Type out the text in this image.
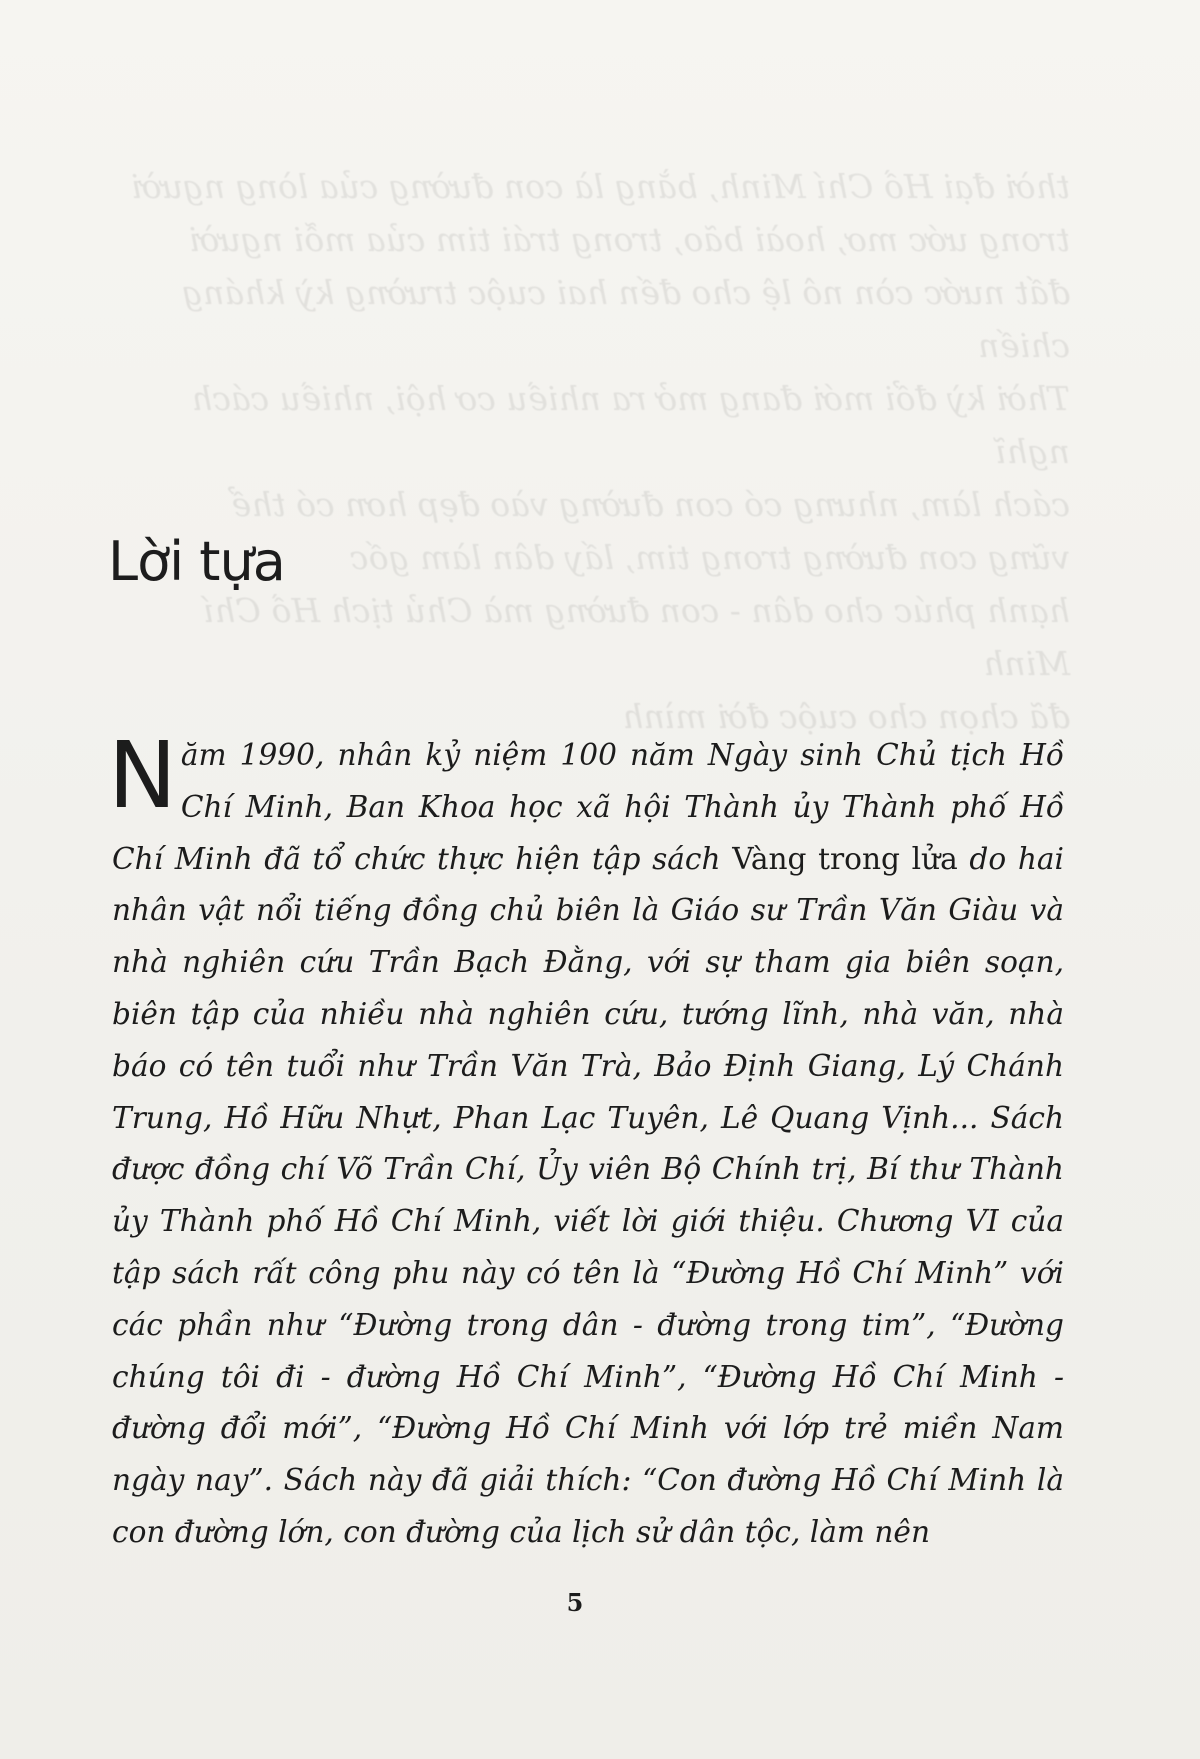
thời đại Hồ Chí Minh, bằng là con đường của lòng người
trong ước mơ, hoài bão, trong trái tim của mỗi người
đất nước còn nô lệ cho đến hai cuộc trường kỳ kháng chiến
Thời kỳ đổi mới đang mở ra nhiều cơ hội, nhiều cách nghĩ
cách làm, nhưng có con đường vào đẹp hơn có thể
vững con đường trong tim, lấy dân làm gốc
hạnh phúc cho dân - con đường mà Chủ tịch Hồ Chí Minh
đã chọn cho cuộc đời mình
Lời tựa

Năm 1990, nhân kỷ niệm 100 năm Ngày sinh Chủ tịch Hồ Chí Minh, Ban Khoa học xã hội Thành ủy Thành phố Hồ Chí Minh đã tổ chức thực hiện tập sách Vàng trong lửa do hai nhân vật nổi tiếng đồng chủ biên là Giáo sư Trần Văn Giàu và nhà nghiên cứu Trần Bạch Đằng, với sự tham gia biên soạn, biên tập của nhiều nhà nghiên cứu, tướng lĩnh, nhà văn, nhà báo có tên tuổi như Trần Văn Trà, Bảo Định Giang, Lý Chánh Trung, Hồ Hữu Nhựt, Phan Lạc Tuyên, Lê Quang Vịnh... Sách được đồng chí Võ Trần Chí, Ủy viên Bộ Chính trị, Bí thư Thành ủy Thành phố Hồ Chí Minh, viết lời giới thiệu. Chương VI của tập sách rất công phu này có tên là “Đường Hồ Chí Minh” với các phần như “Đường trong dân - đường trong tim”, “Đường chúng tôi đi - đường Hồ Chí Minh”, “Đường Hồ Chí Minh - đường đổi mới”, “Đường Hồ Chí Minh với lớp trẻ miền Nam ngày nay”. Sách này đã giải thích: “Con đường Hồ Chí Minh là con đường lớn, con đường của lịch sử dân tộc, làm nên

5
